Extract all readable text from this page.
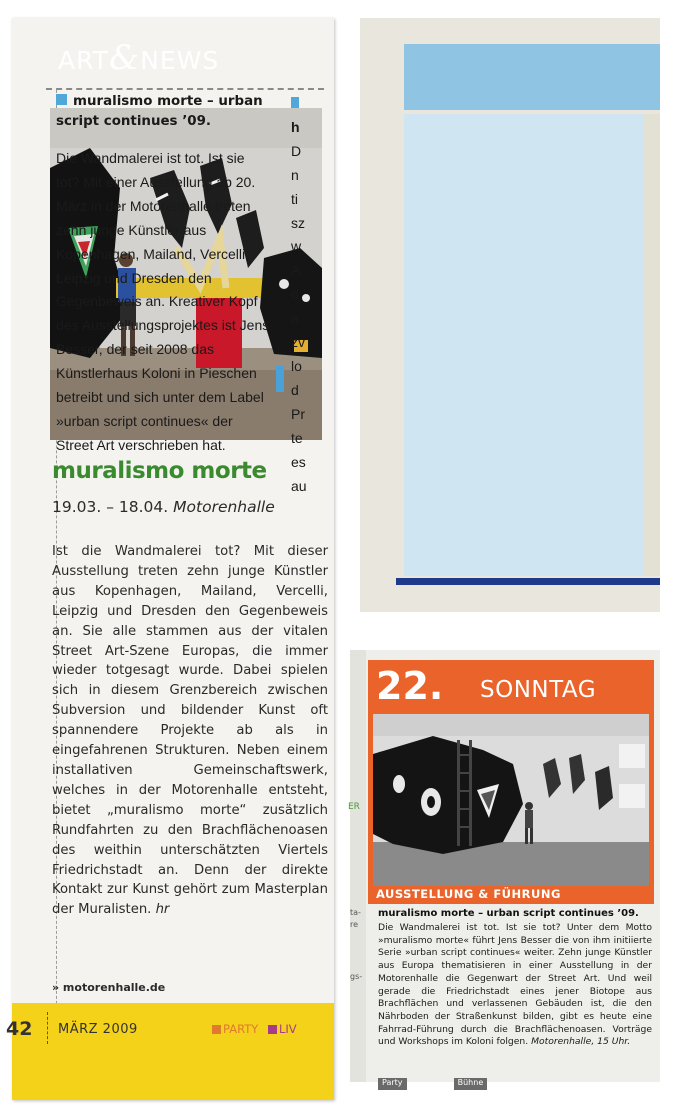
muralismo morte
19.03. – 18.04. Motorenhalle
Ist die Wandmalerei tot? Mit dieser Ausstellung treten zehn junge Künstler aus Kopenhagen, Mailand, Vercelli, Leipzig und Dresden den Gegenbeweis an. Sie alle stammen aus der vitalen Street Art-Szene Europas, die immer wieder totgesagt wurde. Dabei spielen sich in diesem Grenzbereich zwischen Subversion und bildender Kunst oft spannendere Projekte ab als in eingefahrenen Strukturen. Neben einem installativen Gemeinschaftswerk, welches in der Motorenhalle entsteht, bietet „muralismo morte“ zusätzlich Rundfahrten zu den Brachflächenoasen des weithin unterschätzten Viertels Friedrichstadt an. Denn der direkte Kontakt zur Kunst gehört zum Masterplan der Muralisten. hr
» motorenhalle.de
42 MÄRZ 2009	PARTY LIV
ART&NEWS
muralismo morte – urban script continues ’09.
Die Wandmalerei ist tot. Ist sie tot? Mit einer Ausstellung ab 20. März in der Motorenhalle treten zehn junge Künstler aus Kopenhagen, Mailand, Vercelli, Leipzig und Dresden den Gegenbeweis an. Kreativer Kopf des Ausstellungsprojektes ist Jens Besser, der seit 2008 das Künstlerhaus Koloni in Pieschen betreibt und sich unter dem Label »urban script continues« der Street Art verschrieben hat.

h
D
n
ti
sz
w
A
d
a
zv
lo
d
Pr
te
es
au
ER
ta-
re
gs-
22. SONNTAG
AUSSTELLUNG & FÜHRUNG
muralismo morte – urban script continues ’09.
Die Wandmalerei ist tot. Ist sie tot? Unter dem Motto »muralismo morte« führt Jens Besser die von ihm initiierte Serie »urban script continues« weiter. Zehn junge Künstler aus Europa thematisieren in einer Ausstellung in der Motorenhalle die Gegenwart der Street Art. Und weil gerade die Friedrichstadt eines jener Biotope aus Brachflächen und verlassenen Gebäuden ist, die den Nährboden der Straßenkunst bilden, gibt es heute eine Fahrrad-Führung durch die Brachflächenoasen. Vorträge und Workshops im Koloni folgen. Motorenhalle, 15 Uhr.
Party	Bühne
